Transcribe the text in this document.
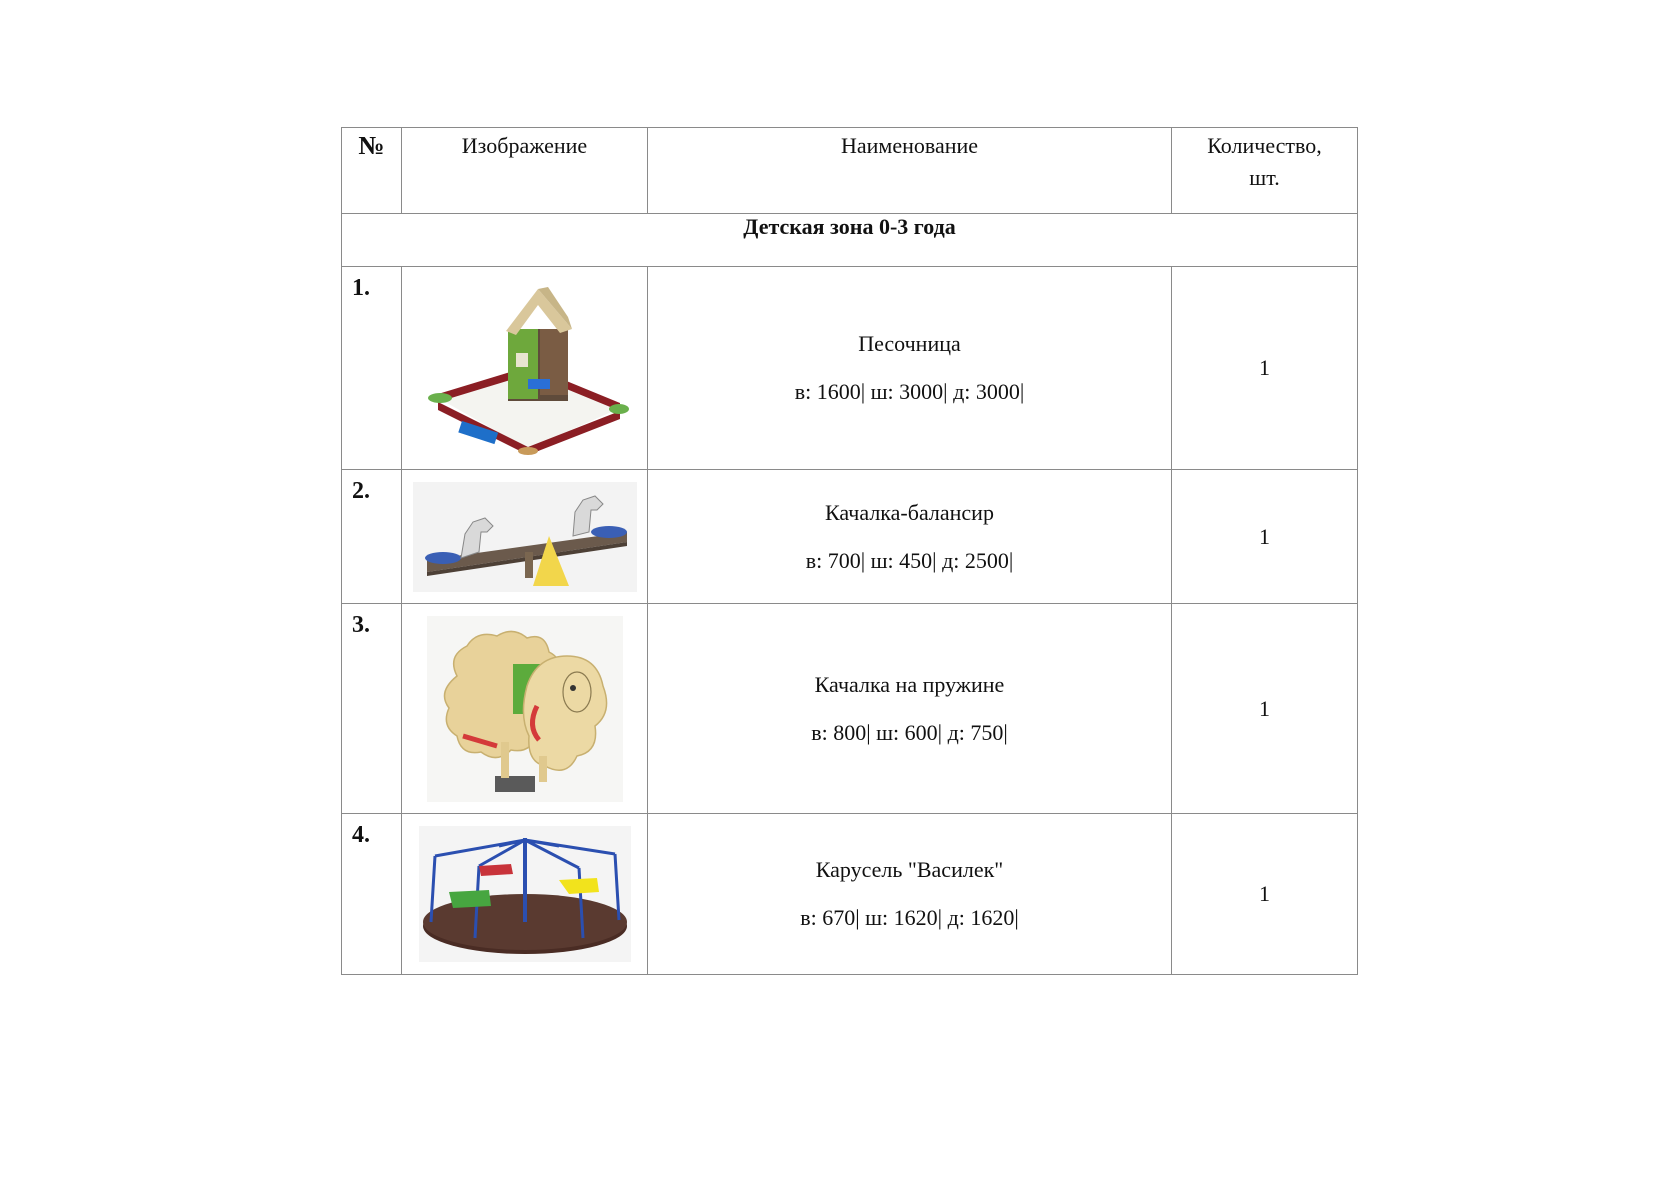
№	Изображение	Наименование	Количество,
шт.
Детская зона 0-3 года			
1.		Песочница
в: 1600| ш: 3000| д: 3000|	1
2.		Качалка-балансир
в: 700| ш: 450| д: 2500|	1
3.		Качалка на пружине
в: 800| ш: 600| д: 750|	1
4.		Карусель "Василек"
в: 670| ш: 1620| д: 1620|	1
